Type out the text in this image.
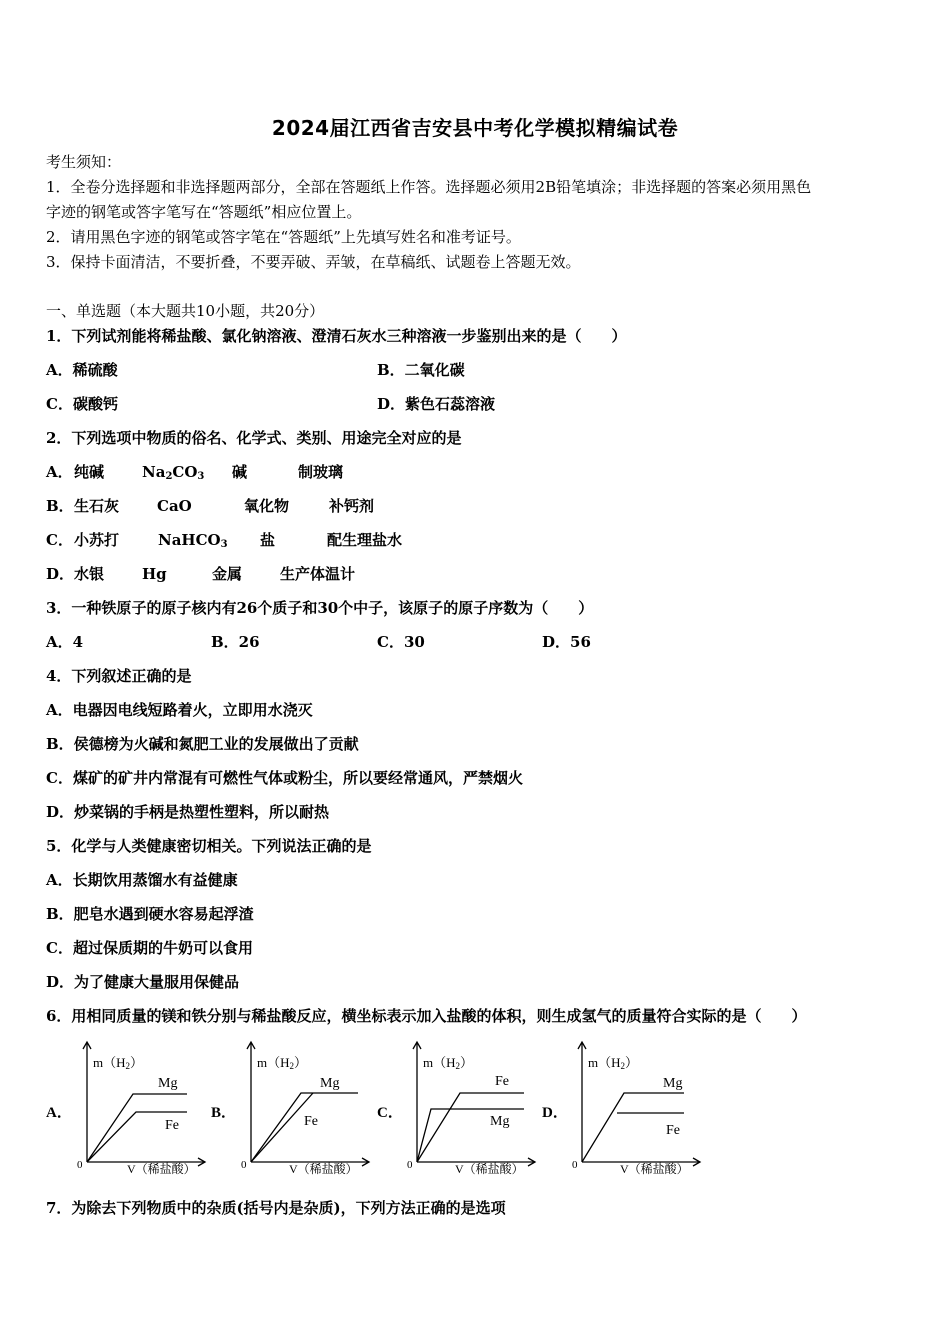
2024届江西省吉安县中考化学模拟精编试卷
考生须知：
1．全卷分选择题和非选择题两部分，全部在答题纸上作答。选择题必须用2B铅笔填涂；非选择题的答案必须用黑色
字迹的钢笔或答字笔写在“答题纸”相应位置上。
2．请用黑色字迹的钢笔或答字笔在“答题纸”上先填写姓名和准考证号。
3．保持卡面清洁，不要折叠，不要弄破、弄皱，在草稿纸、试题卷上答题无效。
一、单选题（本大题共10小题，共20分）
1．下列试剂能将稀盐酸、氯化钠溶液、澄清石灰水三种溶液一步鉴别出来的是（　　）
A．稀硫酸	B．二氧化碳
C．碳酸钙	D．紫色石蕊溶液
2．下列选项中物质的俗名、化学式、类别、用途完全对应的是
A． 纯碱	$Na_2CO_3$ 碱	制玻璃
B． 生石灰	CaO	氧化物	补钙剂
C． 小苏打	NaHCO$_3$ 盐	配生理盐水
D． 水银	Hg	金属	生产体温计
3．一种铁原子的原子核内有26个质子和30个中子，该原子的原子序数为（　　）
A．4	B．26	C．30	D．56
4．下列叙述正确的是
A．电器因电线短路着火，立即用水浇灭
B．侯德榜为火碱和氮肥工业的发展做出了贡献
C．煤矿的矿井内常混有可燃性气体或粉尘，所以要经常通风，严禁烟火
D．炒菜锅的手柄是热塑性塑料，所以耐热
5．化学与人类健康密切相关。下列说法正确的是
A．长期饮用蒸馏水有益健康
B．肥皂水遇到硬水容易起浮渣
C．超过保质期的牛奶可以食用
D．为了健康大量服用保健品
6．用相同质量的镁和铁分别与稀盐酸反应，横坐标表示加入盐酸的体积，则生成氢气的质量符合实际的是（　　）
A．
m（H2）
Mg
Fe
0	V（稀盐酸）
B．
m（H2）
Mg
Fe
0	V（稀盐酸）
C．
m（H2）
Fe
Mg
0	V（稀盐酸）
D．
m（H2）
Mg
Fe
0	V（稀盐酸）
7．为除去下列物质中的杂质(括号内是杂质)，下列方法正确的是选项
